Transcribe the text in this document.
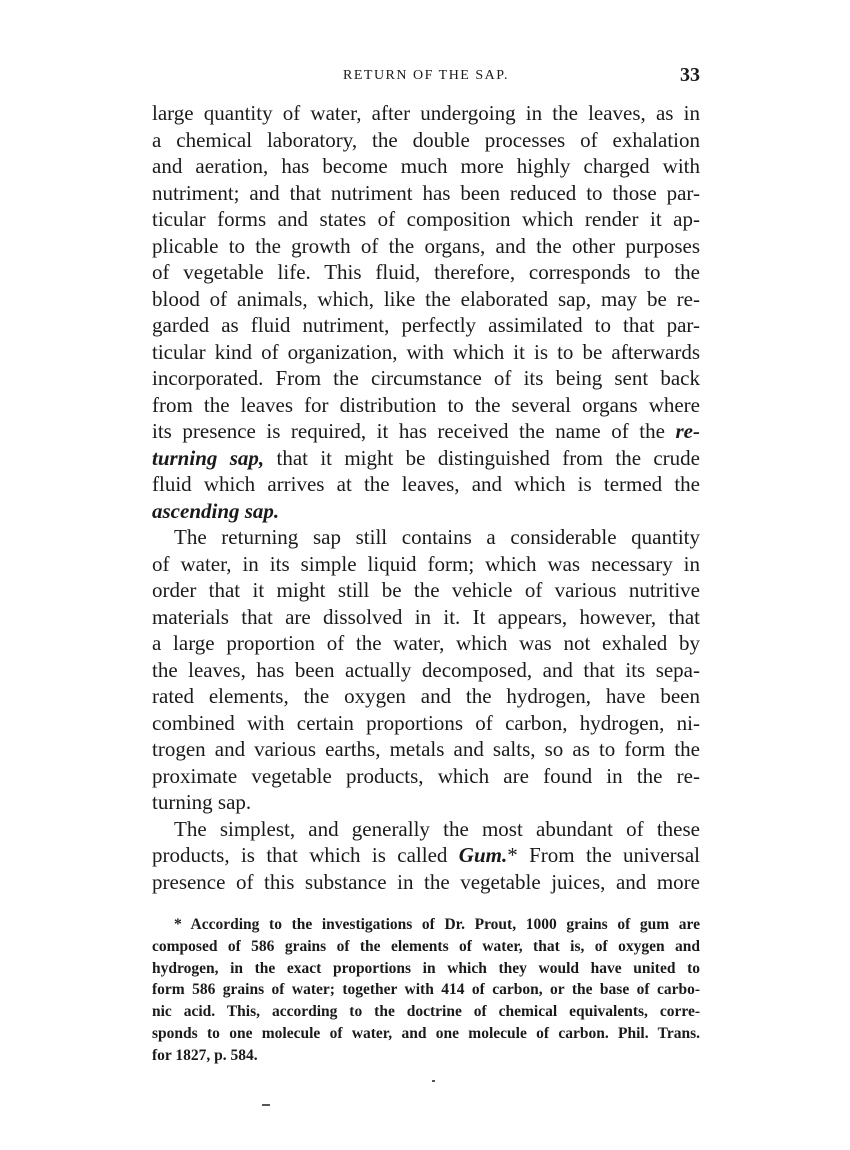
RETURN OF THE SAP.	33
large quantity of water, after undergoing in the leaves, as in
a chemical laboratory, the double processes of exhalation
and aeration, has become much more highly charged with
nutriment; and that nutriment has been reduced to those par-
ticular forms and states of composition which render it ap-
plicable to the growth of the organs, and the other purposes
of vegetable life. This fluid, therefore, corresponds to the
blood of animals, which, like the elaborated sap, may be re-
garded as fluid nutriment, perfectly assimilated to that par-
ticular kind of organization, with which it is to be afterwards
incorporated. From the circumstance of its being sent back
from the leaves for distribution to the several organs where
its presence is required, it has received the name of the re-
turning sap, that it might be distinguished from the crude
fluid which arrives at the leaves, and which is termed the
ascending sap.
The returning sap still contains a considerable quantity
of water, in its simple liquid form; which was necessary in
order that it might still be the vehicle of various nutritive
materials that are dissolved in it. It appears, however, that
a large proportion of the water, which was not exhaled by
the leaves, has been actually decomposed, and that its sepa-
rated elements, the oxygen and the hydrogen, have been
combined with certain proportions of carbon, hydrogen, ni-
trogen and various earths, metals and salts, so as to form the
proximate vegetable products, which are found in the re-
turning sap.
The simplest, and generally the most abundant of these
products, is that which is called Gum.* From the universal
presence of this substance in the vegetable juices, and more
* According to the investigations of Dr. Prout, 1000 grains of gum are
composed of 586 grains of the elements of water, that is, of oxygen and
hydrogen, in the exact proportions in which they would have united to
form 586 grains of water; together with 414 of carbon, or the base of carbo-
nic acid. This, according to the doctrine of chemical equivalents, corre-
sponds to one molecule of water, and one molecule of carbon. Phil. Trans.
for 1827, p. 584.
